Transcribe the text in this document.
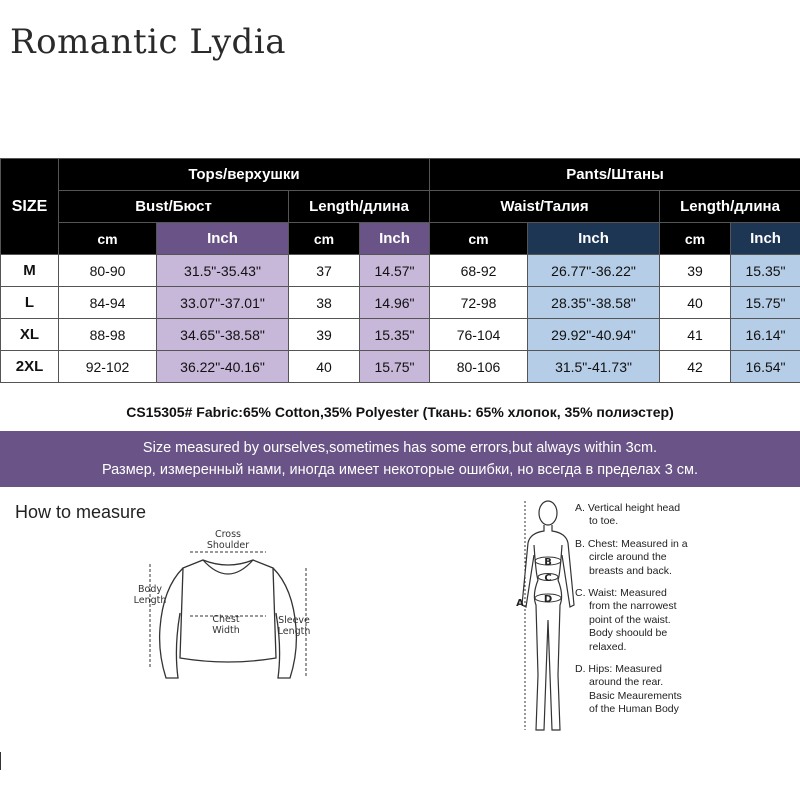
Romantic Lydia
SIZE	Tops/верхушки				Pants/Штаны			
	Bust/Бюст		Length/длина		Waist/Талия		Length/длина	
	cm	Inch	cm	Inch	cm	Inch	cm	Inch
M	80-90	31.5"-35.43"	37	14.57"	68-92	26.77"-36.22"	39	15.35"
L	84-94	33.07"-37.01"	38	14.96"	72-98	28.35"-38.58"	40	15.75"
XL	88-98	34.65"-38.58"	39	15.35"	76-104	29.92"-40.94"	41	16.14"
2XL	92-102	36.22"-40.16"	40	15.75"	80-106	31.5"-41.73"	42	16.54"
CS15305# Fabric:65% Cotton,35% Polyester (Ткань: 65% хлопок, 35% полиэстер)
Size measured by ourselves,sometimes has some errors,but always within 3cm.
Размер, измеренный нами, иногда имеет некоторые ошибки, но всегда в пределах 3 см.
How to measure
Cross
Shoulder
Body
Length
Chest
Width
Sleeve
Length
A
B
C
D
A. Vertical height head
to toe.
B. Chest: Measured in a
circle around the
breasts and back.
C. Waist: Measured
from the narrowest
point of the waist.
Body shoould be
relaxed.
D. Hips: Measured
around the rear.
Basic Meaurements
of the Human Body
